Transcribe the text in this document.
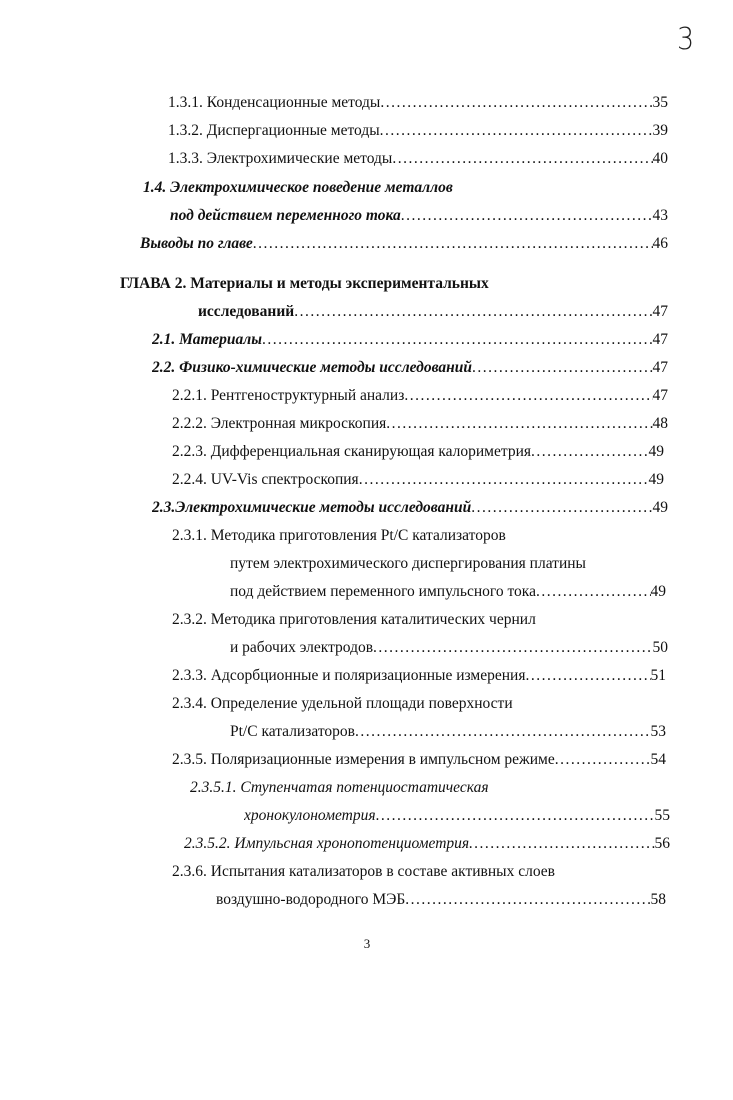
3
1.3.1. Конденсационные методы .....	35
1.3.2. Диспергационные методы .....	39
1.3.3. Электрохимические методы .....	40
1.4. Электрохимическое поведение металлов
под действием переменного тока .....	43
Выводы по главе .....	46
ГЛАВА 2. Материалы и методы экспериментальных
исследований .....	47
2.1. Материалы .....	47
2.2. Физико-химические методы исследований .....	47
2.2.1. Рентгеноструктурный анализ .....	47
2.2.2. Электронная микроскопия .....	48
2.2.3. Дифференциальная сканирующая калориметрия .....	49
2.2.4. UV-Vis спектроскопия .....	49
2.3.Электрохимические методы исследований .....	49
2.3.1. Методика приготовления Pt/C катализаторов
путем электрохимического диспергирования платины
под действием переменного импульсного тока .....	49
2.3.2. Методика приготовления каталитических чернил
и рабочих электродов .....	50
2.3.3. Адсорбционные и поляризационные измерения .....	51
2.3.4. Определение удельной площади поверхности
Pt/C катализаторов .....	53
2.3.5. Поляризационные измерения в импульсном режиме .....	54
2.3.5.1. Ступенчатая потенциостатическая
хронокулонометрия .....	55
2.3.5.2. Импульсная хронопотенциометрия .....	56
2.3.6. Испытания катализаторов в составе активных слоев
воздушно-водородного МЭБ .....	58
3
